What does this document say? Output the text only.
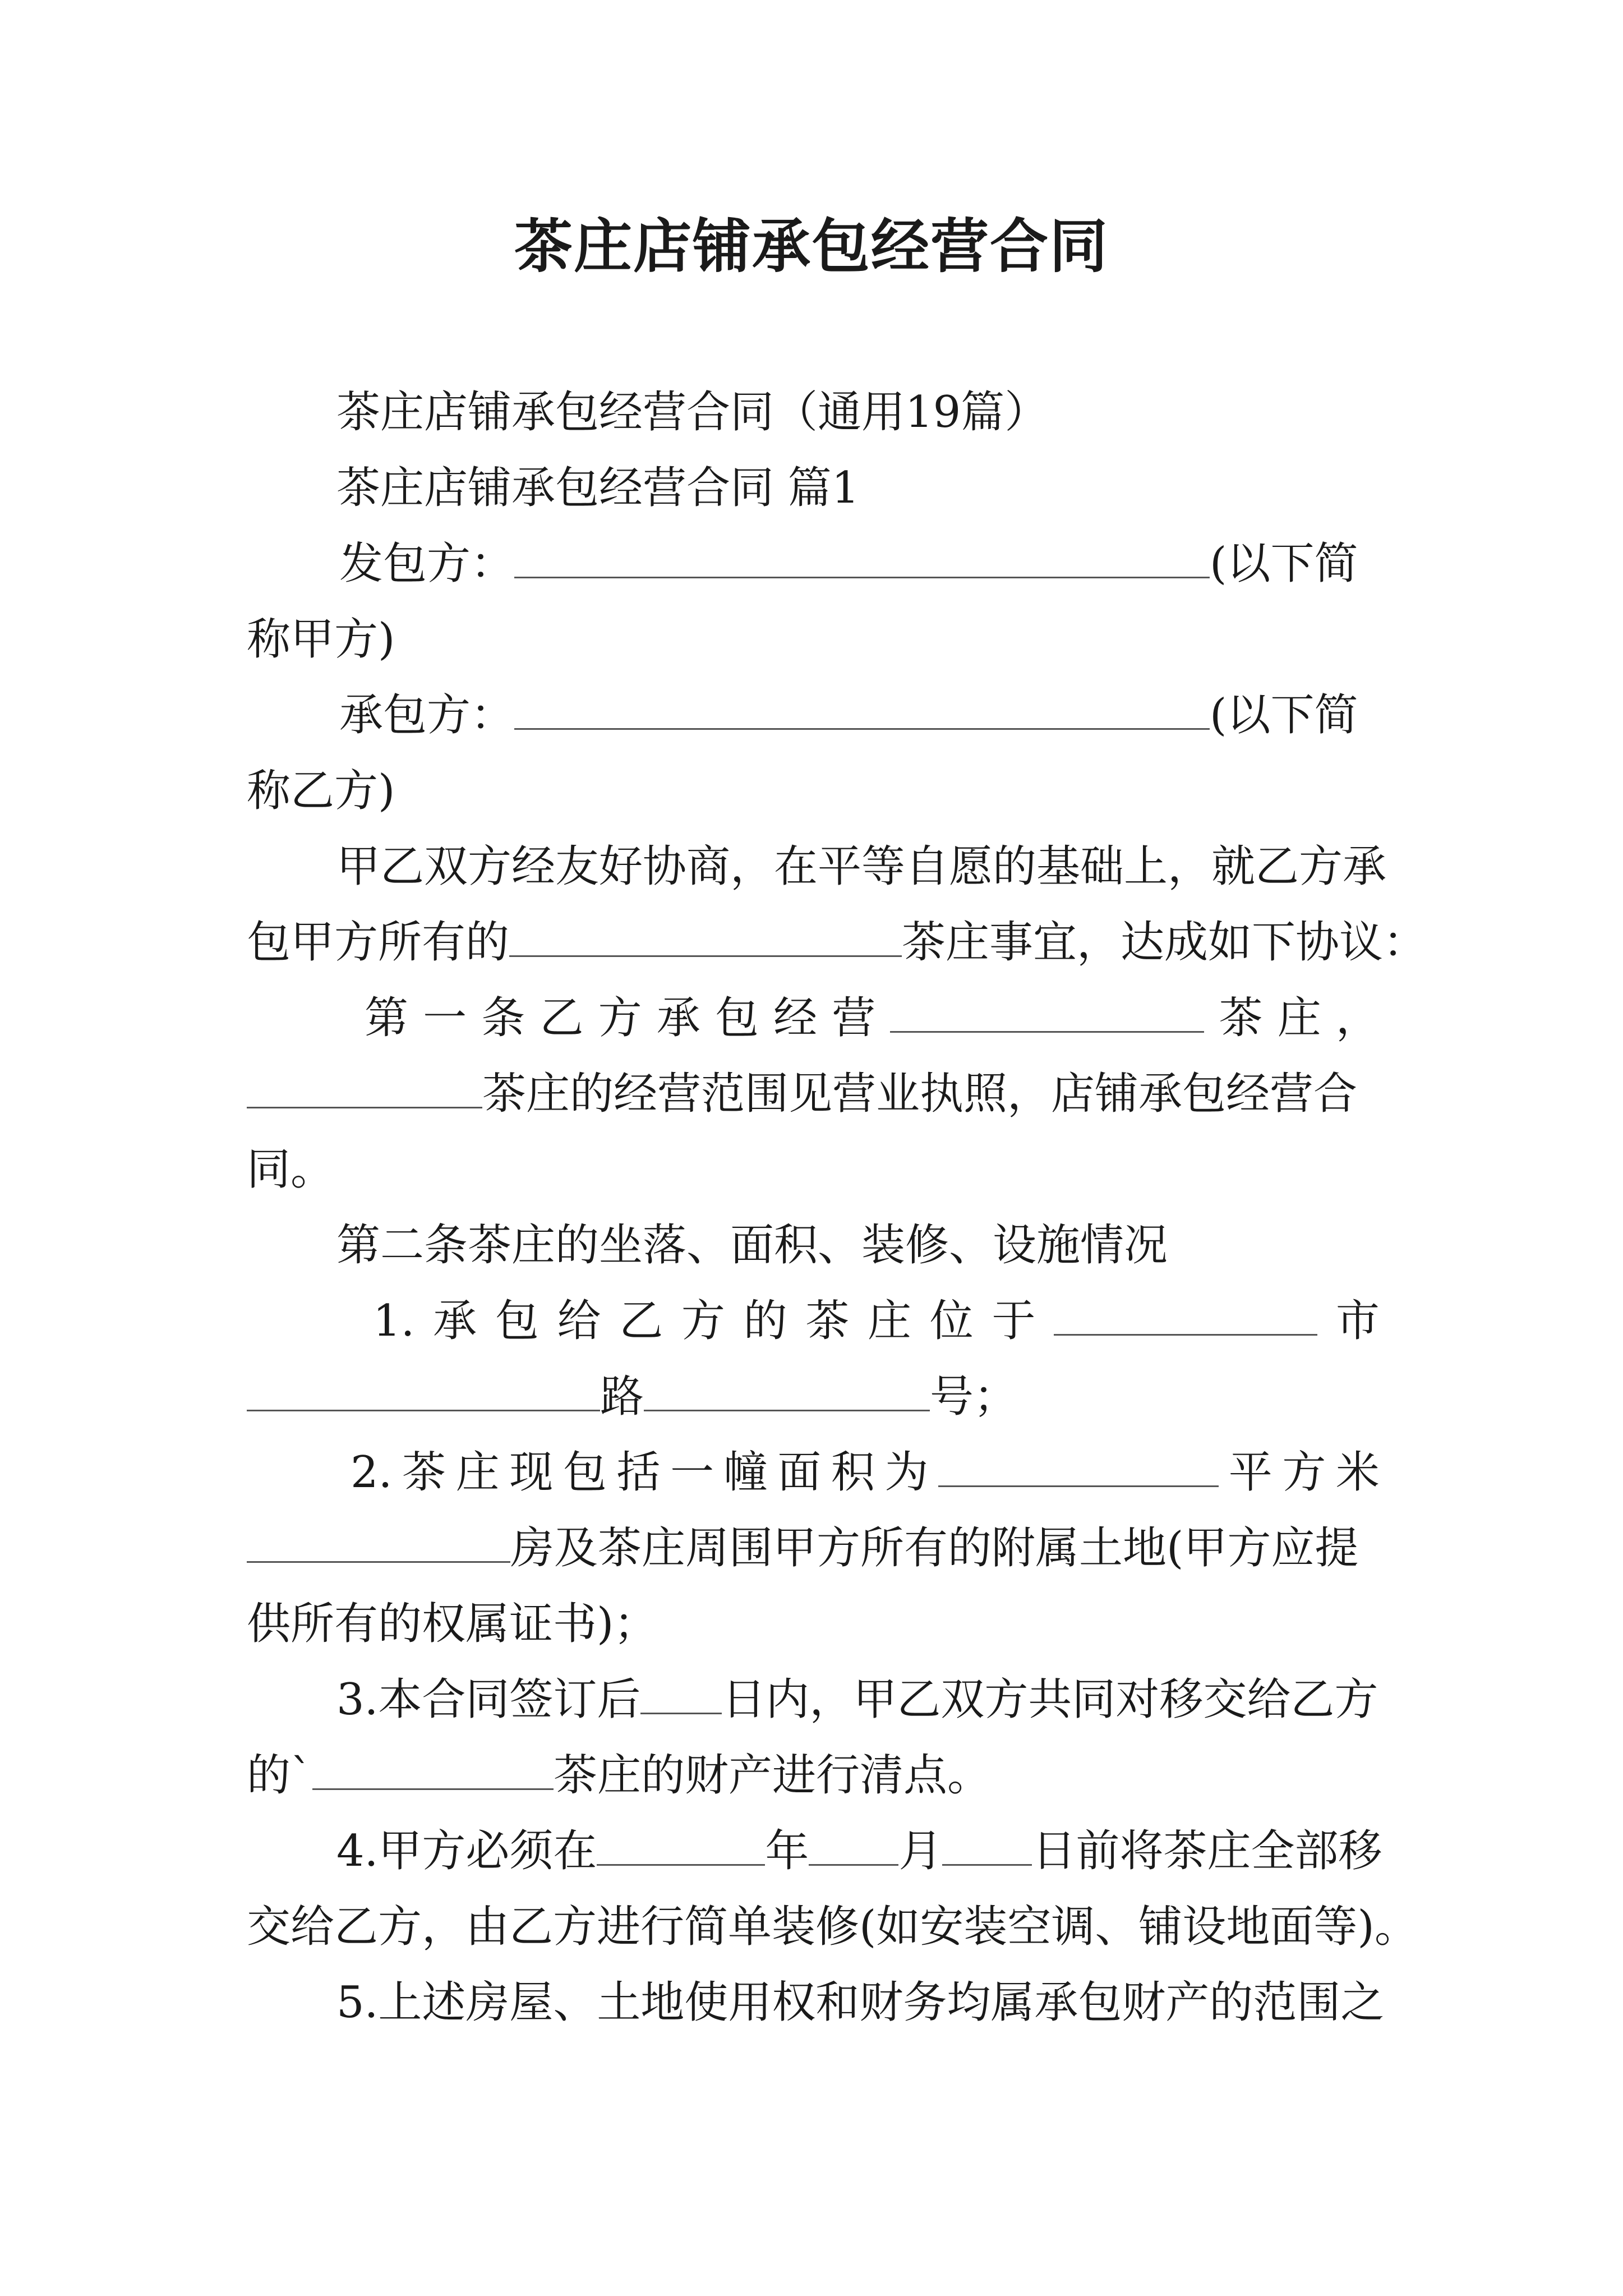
茶庄店铺承包经营合同
茶庄店铺承包经营合同（通用19篇）
茶庄店铺承包经营合同 篇1
发包方：	(以下简
称甲方)
承包方：	(以下简
称乙方)
甲乙双方经友好协商，在平等自愿的基础上，就乙方承
包甲方所有的	茶庄事宜，达成如下协议：
第 一 条 乙 方 承 包 经 营	茶 庄 ，
茶庄的经营范围见营业执照，店铺承包经营合
同。
第二条茶庄的坐落、面积、装修、设施情况
1. 承 包 给 乙 方 的 茶 庄 位 于	市
路	号；
2. 茶 庄 现 包 括 一 幢 面 积 为	平 方 米
房及茶庄周围甲方所有的附属土地(甲方应提
供所有的权属证书)；
3.本合同签订后 日内，甲乙双方共同对移交给乙方
的`	茶庄的财产进行清点。
4.甲方必须在	年 月 日前将茶庄全部移
交给乙方，由乙方进行简单装修(如安装空调、铺设地面等)。
5.上述房屋、土地使用权和财务均属承包财产的范围之
